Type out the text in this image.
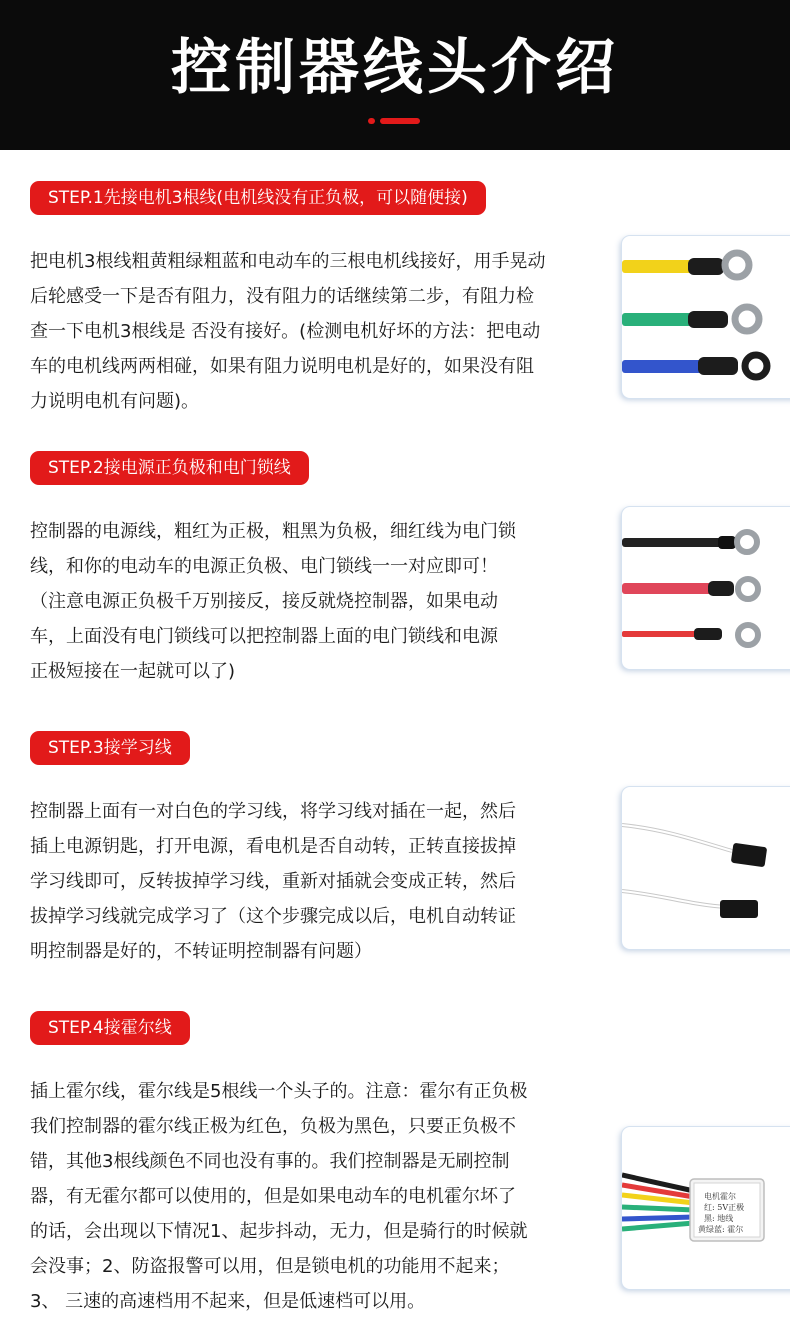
控制器线头介绍
STEP.1先接电机3根线(电机线没有正负极，可以随便接)

把电机3根线粗黄粗绿粗蓝和电动车的三根电机线接好，用手晃动

后轮感受一下是否有阻力，没有阻力的话继续第二步，有阻力检

查一下电机3根线是 否没有接好。(检测电机好坏的方法：把电动

车的电机线两两相碰，如果有阻力说明电机是好的，如果没有阻

力说明电机有问题)。

STEP.2接电源正负极和电门锁线

控制器的电源线，粗红为正极，粗黑为负极，细红线为电门锁

线，和你的电动车的电源正负极、电门锁线一一对应即可！

（注意电源正负极千万别接反，接反就烧控制器，如果电动

车，上面没有电门锁线可以把控制器上面的电门锁线和电源

正极短接在一起就可以了)

STEP.3接学习线

控制器上面有一对白色的学习线，将学习线对插在一起，然后

插上电源钥匙，打开电源，看电机是否自动转，正转直接拔掉

学习线即可，反转拔掉学习线，重新对插就会变成正转，然后

拔掉学习线就完成学习了（这个步骤完成以后，电机自动转证

明控制器是好的，不转证明控制器有问题）

STEP.4接霍尔线

插上霍尔线，霍尔线是5根线一个头子的。注意：霍尔有正负极

我们控制器的霍尔线正极为红色，负极为黑色，只要正负极不

错，其他3根线颜色不同也没有事的。我们控制器是无刷控制

器，有无霍尔都可以使用的，但是如果电动车的电机霍尔坏了

的话，会出现以下情况1、起步抖动，无力，但是骑行的时候就

会没事；2、防盗报警可以用，但是锁电机的功能用不起来；

3、 三速的高速档用不起来，但是低速档可以用。

电机霍尔
红: 5V正极
黑: 地线
黄绿蓝: 霍尔
